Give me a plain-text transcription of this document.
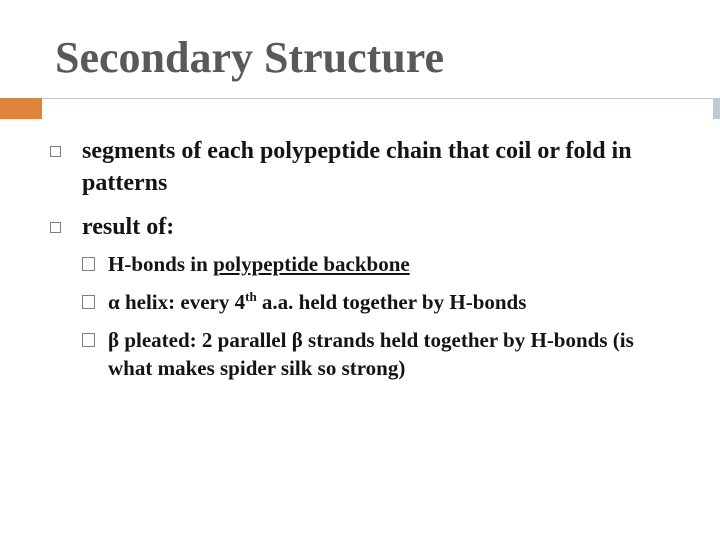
Secondary Structure
segments of each polypeptide chain that coil or fold in patterns
result of:
H-bonds in polypeptide backbone
α helix: every 4th a.a. held together by H-bonds
β pleated: 2 parallel β strands held together by H-bonds (is what makes spider silk so strong)
